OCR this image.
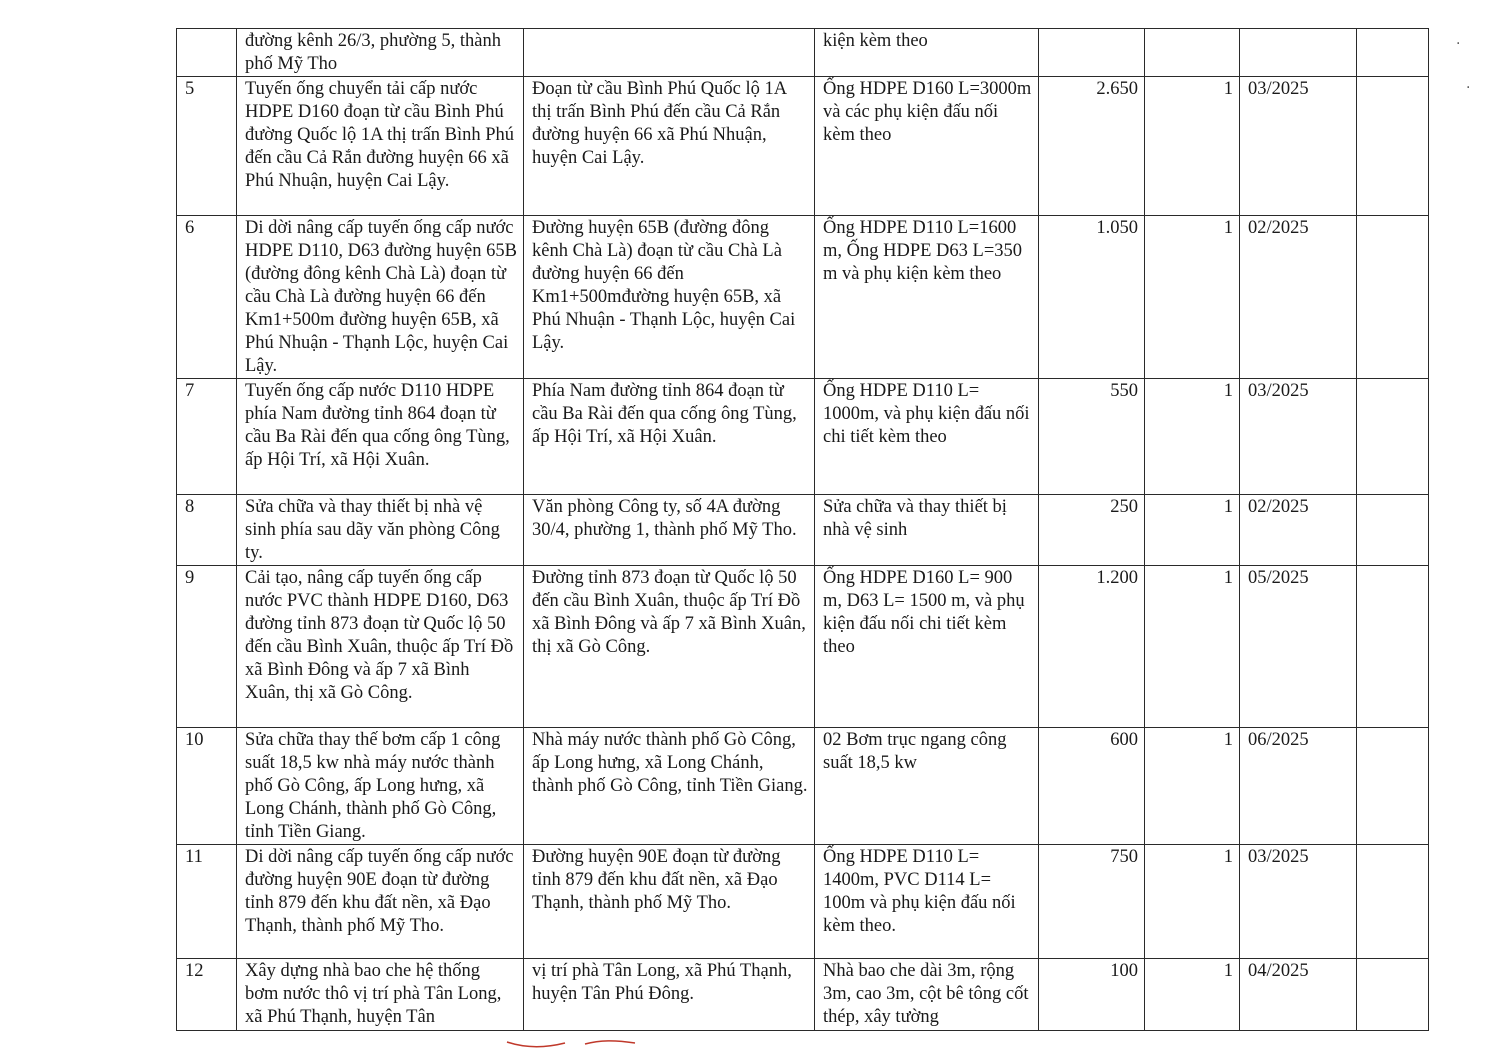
	đường kênh 26/3, phường 5, thành phố Mỹ Tho		kiện kèm theo				
5	Tuyến ống chuyển tải cấp nước HDPE D160 đoạn từ cầu Bình Phú đường Quốc lộ 1A thị trấn Bình Phú đến cầu Cả Rắn đường huyện 66 xã Phú Nhuận, huyện Cai Lậy.	Đoạn từ cầu Bình Phú Quốc lộ 1A thị trấn Bình Phú đến cầu Cả Rắn đường huyện 66 xã Phú Nhuận, huyện Cai Lậy.	Ống HDPE D160 L=3000m và các phụ kiện đấu nối kèm theo	2.650	1	03/2025	
6	Di dời nâng cấp tuyến ống cấp nước HDPE D110, D63 đường huyện 65B (đường đông kênh Chà Là) đoạn từ cầu Chà Là đường huyện 66 đến Km1+500m đường huyện 65B, xã Phú Nhuận - Thạnh Lộc, huyện Cai Lậy.	Đường huyện 65B (đường đông kênh Chà Là) đoạn từ cầu Chà Là đường huyện 66 đến Km1+500mđường huyện 65B, xã Phú Nhuận - Thạnh Lộc, huyện Cai Lậy.	Ống HDPE D110 L=1600 m, Ống HDPE D63 L=350 m và phụ kiện kèm theo	1.050	1	02/2025	
7	Tuyến ống cấp nước D110 HDPE phía Nam đường tỉnh 864 đoạn từ cầu Ba Rài đến qua cống ông Tùng, ấp Hội Trí, xã Hội Xuân.	Phía Nam đường tỉnh 864 đoạn từ cầu Ba Rài đến qua cống ông Tùng, ấp Hội Trí, xã Hội Xuân.	Ống HDPE D110 L= 1000m, và phụ kiện đấu nối chi tiết kèm theo	550	1	03/2025	
8	Sửa chữa và thay thiết bị nhà vệ sinh phía sau dãy văn phòng Công ty.	Văn phòng Công ty, số 4A đường 30/4, phường 1, thành phố Mỹ Tho.	Sửa chữa và thay thiết bị nhà vệ sinh	250	1	02/2025	
9	Cải tạo, nâng cấp tuyến ống cấp nước PVC thành HDPE D160, D63 đường tỉnh 873 đoạn từ Quốc lộ 50 đến cầu Bình Xuân, thuộc ấp Trí Đồ xã Bình Đông và ấp 7 xã Bình Xuân, thị xã Gò Công.	Đường tỉnh 873 đoạn từ Quốc lộ 50 đến cầu Bình Xuân, thuộc ấp Trí Đồ xã Bình Đông và ấp 7 xã Bình Xuân, thị xã Gò Công.	Ống HDPE D160 L= 900 m, D63 L= 1500 m, và phụ kiện đấu nối chi tiết kèm theo	1.200	1	05/2025	
10	Sửa chữa thay thế bơm cấp 1 công suất 18,5 kw nhà máy nước thành phố Gò Công, ấp Long hưng, xã Long Chánh, thành phố Gò Công, tỉnh Tiền Giang.	Nhà máy nước thành phố Gò Công, ấp Long hưng, xã Long Chánh, thành phố Gò Công, tỉnh Tiền Giang.	02 Bơm trục ngang công suất 18,5 kw	600	1	06/2025	
11	Di dời nâng cấp tuyến ống cấp nước đường huyện 90E đoạn từ đường tỉnh 879 đến khu đất nền, xã Đạo Thạnh, thành phố Mỹ Tho.	Đường huyện 90E đoạn từ đường tỉnh 879 đến khu đất nền, xã Đạo Thạnh, thành phố Mỹ Tho.	Ống HDPE D110 L= 1400m, PVC D114 L= 100m và phụ kiện đấu nối kèm theo.	750	1	03/2025	
12	Xây dựng nhà bao che hệ thống bơm nước thô vị trí phà Tân Long, xã Phú Thạnh, huyện Tân	vị trí phà Tân Long, xã Phú Thạnh, huyện Tân Phú Đông.	Nhà bao che dài 3m, rộng 3m, cao 3m, cột bê tông cốt thép, xây tường	100	1	04/2025	
·
·
